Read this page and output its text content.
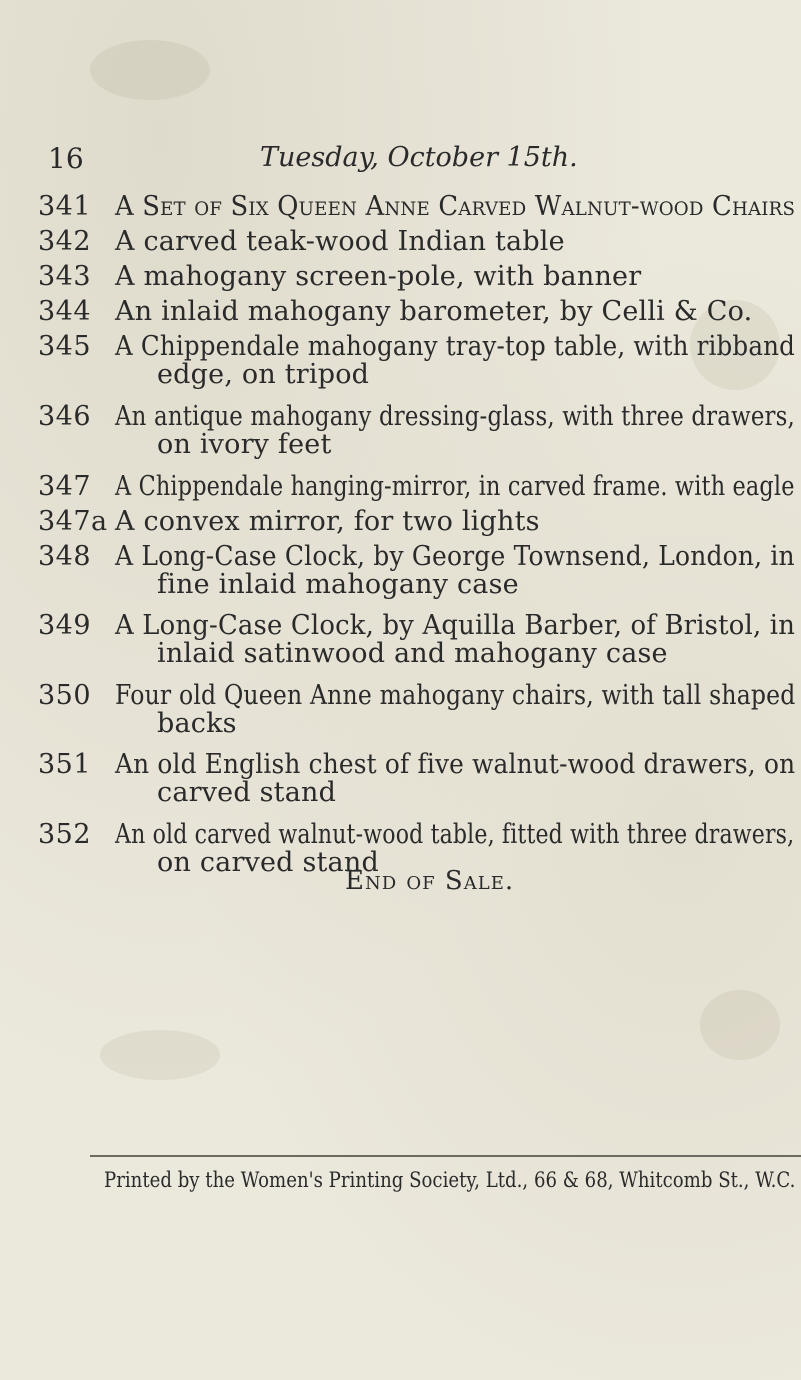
16	Tuesday, October 15th.
341 A Set of Six Queen Anne Carved Walnut-wood Chairs
342 A carved teak-wood Indian table
343 A mahogany screen-pole, with banner
344 An inlaid mahogany barometer, by Celli & Co.
345 A Chippendale mahogany tray-top table, with ribband
edge, on tripod
346 An antique mahogany dressing-glass, with three drawers,
on ivory feet
347 A Chippendale hanging-mirror, in carved frame. with eagle
347a A convex mirror, for two lights
348 A Long-Case Clock, by George Townsend, London, in
fine inlaid mahogany case
349 A Long-Case Clock, by Aquilla Barber, of Bristol, in
inlaid satinwood and mahogany case
350 Four old Queen Anne mahogany chairs, with tall shaped
backs
351 An old English chest of five walnut-wood drawers, on
carved stand
352 An old carved walnut-wood table, fitted with three drawers,
on carved stand
End of Sale.
Printed by the Women's Printing Society, Ltd., 66 & 68, Whitcomb St., W.C.
